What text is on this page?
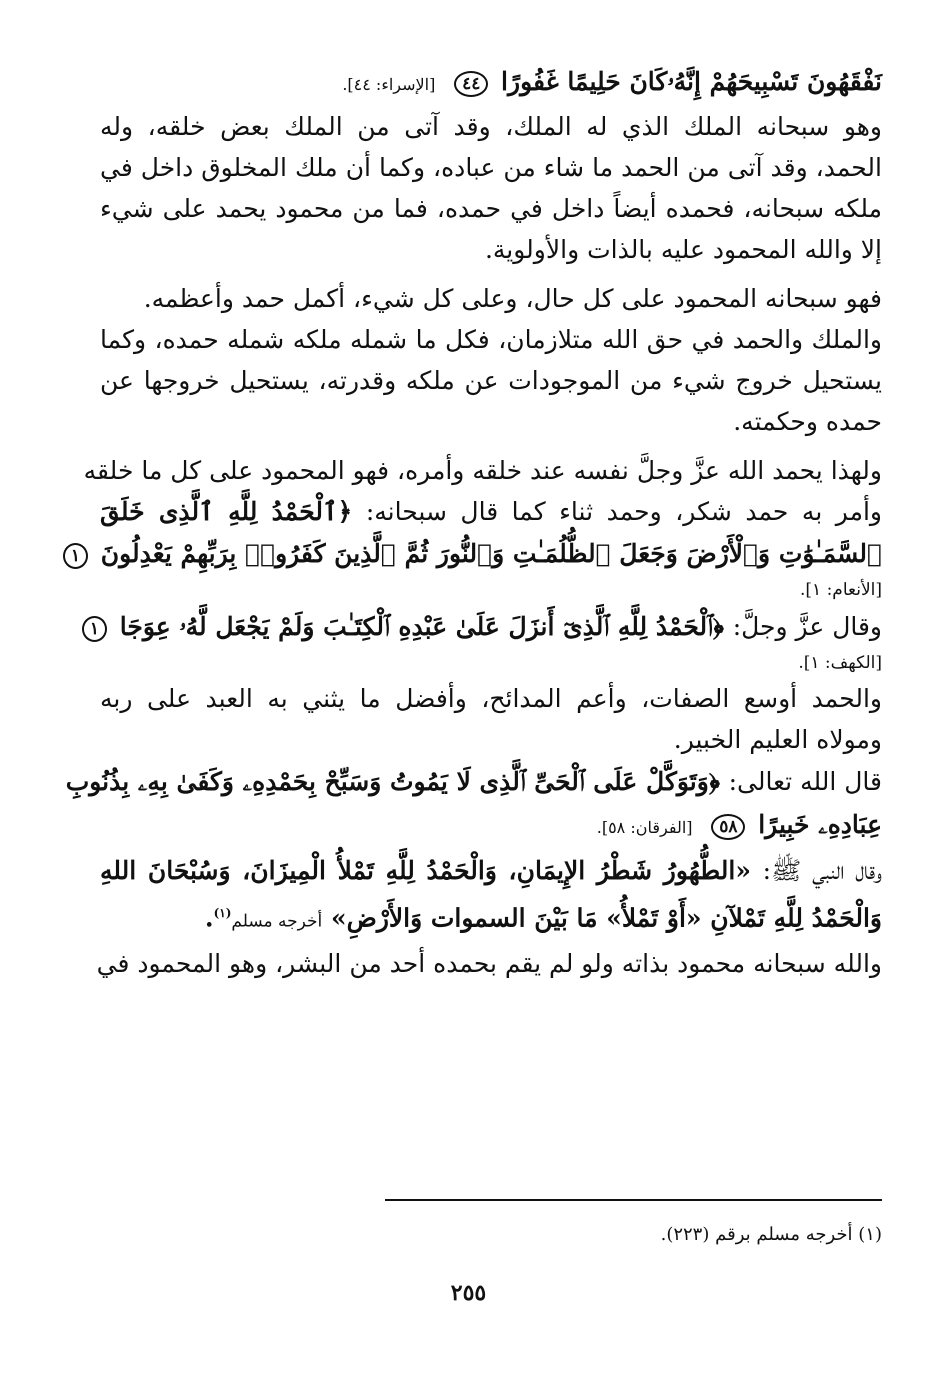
نَفْقَهُونَ تَسْبِيحَهُمْ إِنَّهُۥكَانَ حَلِيمًا غَفُورًا ٤٤ [الإسراء: ٤٤].
وهو سبحانه الملك الذي له الملك، وقد آتى من الملك بعض خلقه، وله
الحمد، وقد آتى من الحمد ما شاء من عباده، وكما أن ملك المخلوق داخل في
ملكه سبحانه، فحمده أيضاً داخل في حمده، فما من محمود يحمد على شيء
إلا والله المحمود عليه بالذات والأولوية.
فهو سبحانه المحمود على كل حال، وعلى كل شيء، أكمل حمد وأعظمه.
والملك والحمد في حق الله متلازمان، فكل ما شمله ملكه شمله حمده، وكما
يستحيل خروج شيء من الموجودات عن ملكه وقدرته، يستحيل خروجها عن
حمده وحكمته.
ولهذا يحمد الله عزَّ وجلَّ نفسه عند خلقه وأمره، فهو المحمود على كل ما خلقه
وأمر به حمد شكر، وحمد ثناء كما قال سبحانه: ﴿ٱلْحَمْدُ لِلَّهِ ٱلَّذِى خَلَقَ
ٱلسَّمَـٰوَٰتِ وَٱلْأَرْضَ وَجَعَلَ ٱلظُّلُمَـٰتِ وَٱلنُّورَ ثُمَّ ٱلَّذِينَ كَفَرُوا۟ بِرَبِّهِمْ يَعْدِلُونَ ١
[الأنعام: ١].
وقال عزَّ وجلَّ: ﴿ٱلْحَمْدُ لِلَّهِ ٱلَّذِىٓ أَنزَلَ عَلَىٰ عَبْدِهِ ٱلْكِتَـٰبَ وَلَمْ يَجْعَل لَّهُۥ عِوَجَا ١
[الكهف: ١].
والحمد أوسع الصفات، وأعم المدائح، وأفضل ما يثني به العبد على ربه
ومولاه العليم الخبير.
قال الله تعالى: ﴿وَتَوَكَّلْ عَلَى ٱلْحَىِّ ٱلَّذِى لَا يَمُوتُ وَسَبِّحْ بِحَمْدِهِۦ وَكَفَىٰ بِهِۦ بِذُنُوبِ
عِبَادِهِۦ خَبِيرًا ٥٨ [الفرقان: ٥٨].
وقال النبي ﷺ: «الطُّهُورُ شَطْرُ الإِيمَانِ، وَالْحَمْدُ لِلَّهِ تَمْلأُ الْمِيزَانَ، وَسُبْحَانَ اللهِ
وَالْحَمْدُ لِلَّهِ تَمْلآنِ «أَوْ تَمْلأُ» مَا بَيْنَ السموات وَالأَرْضِ» أخرجه مسلم$^{(١)}$.
والله سبحانه محمود بذاته ولو لم يقم بحمده أحد من البشر، وهو المحمود في
(١) أخرجه مسلم برقم (٢٢٣).
٢٥٥
